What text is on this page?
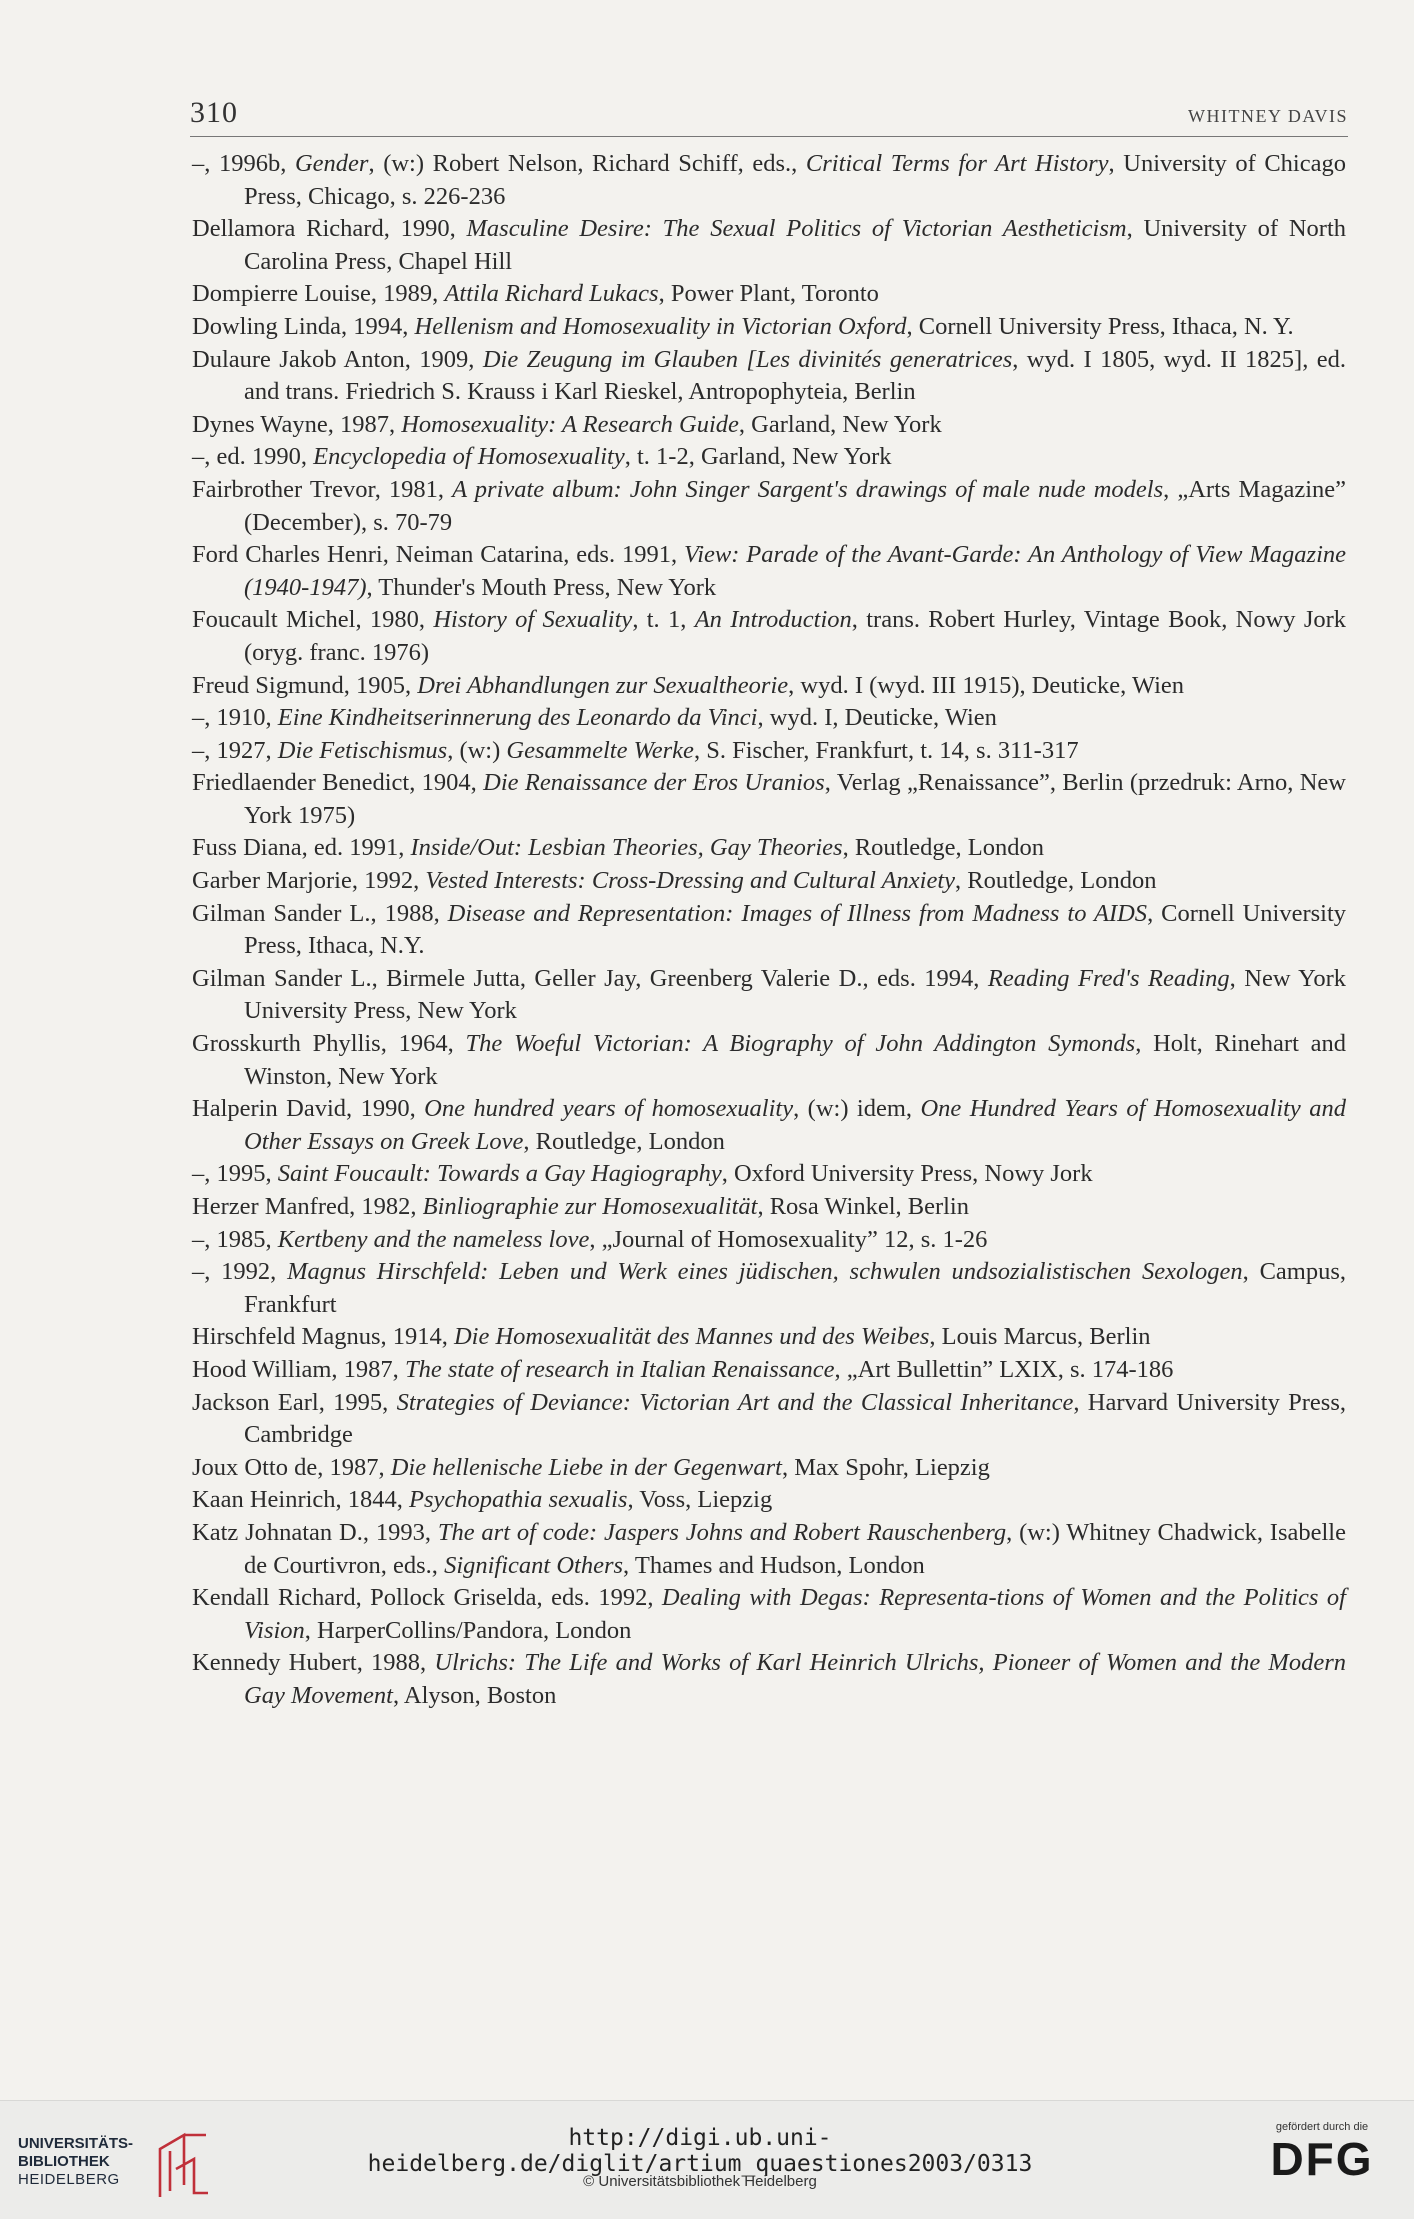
310	WHITNEY DAVIS

–, 1996b, Gender, (w:) Robert Nelson, Richard Schiff, eds., Critical Terms for Art History, University of Chicago Press, Chicago, s. 226-236

Dellamora Richard, 1990, Masculine Desire: The Sexual Politics of Victorian Aestheticism, University of North Carolina Press, Chapel Hill

Dompierre Louise, 1989, Attila Richard Lukacs, Power Plant, Toronto

Dowling Linda, 1994, Hellenism and Homosexuality in Victorian Oxford, Cornell University Press, Ithaca, N. Y.

Dulaure Jakob Anton, 1909, Die Zeugung im Glauben [Les divinités generatrices, wyd. I 1805, wyd. II 1825], ed. and trans. Friedrich S. Krauss i Karl Rieskel, Antropophyteia, Berlin

Dynes Wayne, 1987, Homosexuality: A Research Guide, Garland, New York

–, ed. 1990, Encyclopedia of Homosexuality, t. 1-2, Garland, New York

Fairbrother Trevor, 1981, A private album: John Singer Sargent's drawings of male nude models, „Arts Magazine” (December), s. 70-79

Ford Charles Henri, Neiman Catarina, eds. 1991, View: Parade of the Avant-Garde: An Anthology of View Magazine (1940-1947), Thunder's Mouth Press, New York

Foucault Michel, 1980, History of Sexuality, t. 1, An Introduction, trans. Robert Hurley, Vintage Book, Nowy Jork (oryg. franc. 1976)

Freud Sigmund, 1905, Drei Abhandlungen zur Sexualtheorie, wyd. I (wyd. III 1915), Deuticke, Wien

–, 1910, Eine Kindheitserinnerung des Leonardo da Vinci, wyd. I, Deuticke, Wien

–, 1927, Die Fetischismus, (w:) Gesammelte Werke, S. Fischer, Frankfurt, t. 14, s. 311-317

Friedlaender Benedict, 1904, Die Renaissance der Eros Uranios, Verlag „Renaissance”, Berlin (przedruk: Arno, New York 1975)

Fuss Diana, ed. 1991, Inside/Out: Lesbian Theories, Gay Theories, Routledge, London

Garber Marjorie, 1992, Vested Interests: Cross-Dressing and Cultural Anxiety, Routledge, London

Gilman Sander L., 1988, Disease and Representation: Images of Illness from Madness to AIDS, Cornell University Press, Ithaca, N.Y.

Gilman Sander L., Birmele Jutta, Geller Jay, Greenberg Valerie D., eds. 1994, Reading Fred's Reading, New York University Press, New York

Grosskurth Phyllis, 1964, The Woeful Victorian: A Biography of John Addington Symonds, Holt, Rinehart and Winston, New York

Halperin David, 1990, One hundred years of homosexuality, (w:) idem, One Hundred Years of Homosexuality and Other Essays on Greek Love, Routledge, London

–, 1995, Saint Foucault: Towards a Gay Hagiography, Oxford University Press, Nowy Jork

Herzer Manfred, 1982, Binliographie zur Homosexualität, Rosa Winkel, Berlin

–, 1985, Kertbeny and the nameless love, „Journal of Homosexuality” 12, s. 1-26

–, 1992, Magnus Hirschfeld: Leben und Werk eines jüdischen, schwulen undsozialistischen Sexologen, Campus, Frankfurt

Hirschfeld Magnus, 1914, Die Homosexualität des Mannes und des Weibes, Louis Marcus, Berlin

Hood William, 1987, The state of research in Italian Renaissance, „Art Bullettin” LXIX, s. 174-186

Jackson Earl, 1995, Strategies of Deviance: Victorian Art and the Classical Inheritance, Harvard University Press, Cambridge

Joux Otto de, 1987, Die hellenische Liebe in der Gegenwart, Max Spohr, Liepzig

Kaan Heinrich, 1844, Psychopathia sexualis, Voss, Liepzig

Katz Johnatan D., 1993, The art of code: Jaspers Johns and Robert Rauschenberg, (w:) Whitney Chadwick, Isabelle de Courtivron, eds., Significant Others, Thames and Hudson, London

Kendall Richard, Pollock Griselda, eds. 1992, Dealing with Degas: Representa-tions of Women and the Politics of Vision, HarperCollins/Pandora, London

Kennedy Hubert, 1988, Ulrichs: The Life and Works of Karl Heinrich Ulrichs, Pioneer of Women and the Modern Gay Movement, Alyson, Boston

UNIVERSITÄTS-
BIBLIOTHEK
HEIDELBERG
http://digi.ub.uni-heidelberg.de/diglit/artium_quaestiones2003/0313
© Universitätsbibliothek Heidelberg
gefördert durch die
DFG
